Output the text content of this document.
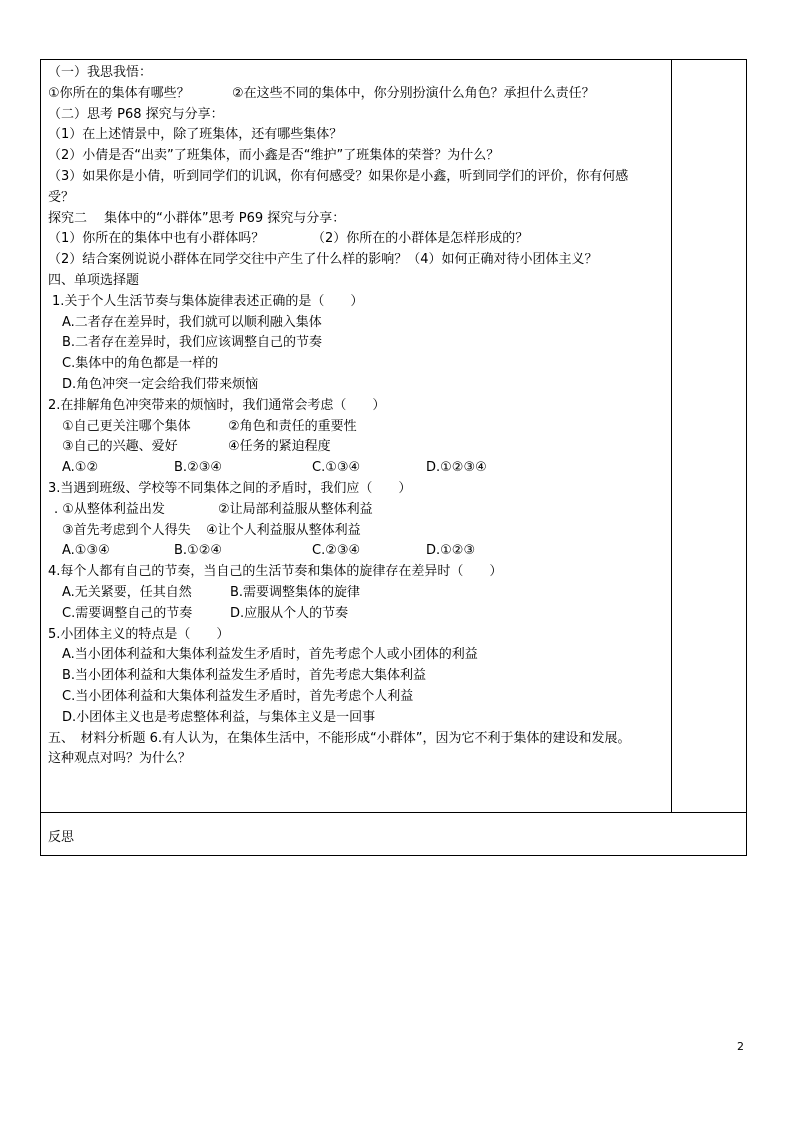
（一）我思我悟：
①你所在的集体有哪些？	②在这些不同的集体中，你分别扮演什么角色？承担什么责任？
（二）思考 P68 探究与分享：
（1）在上述情景中，除了班集体，还有哪些集体？
（2）小倩是否“出卖”了班集体，而小鑫是否“维护”了班集体的荣誉？为什么？
（3）如果你是小倩，听到同学们的讥讽，你有何感受？如果你是小鑫，听到同学们的评价，你有何感
受？
探究二　 集体中的“小群体”思考 P69 探究与分享：
（1）你所在的集体中也有小群体吗？	（2）你所在的小群体是怎样形成的？
（2）结合案例说说小群体在同学交往中产生了什么样的影响？（4）如何正确对待小团体主义？
四、单项选择题
1.关于个人生活节奏与集体旋律表述正确的是（　　）
A.二者存在差异时，我们就可以顺利融入集体
B.二者存在差异时，我们应该调整自己的节奏
C.集体中的角色都是一样的
D.角色冲突一定会给我们带来烦恼
2.在排解角色冲突带来的烦恼时，我们通常会考虑（　　）
①自己更关注哪个集体	②角色和责任的重要性
③自己的兴趣、爱好	④任务的紧迫程度
A.①②	B.②③④	C.①③④	D.①②③④
3.当遇到班级、学校等不同集体之间的矛盾时，我们应（　　）
. ①从整体利益出发	②让局部利益服从整体利益
③首先考虑到个人得失 ④让个人利益服从整体利益
A.①③④	B.①②④	C.②③④	D.①②③
4.每个人都有自己的节奏，当自己的生活节奏和集体的旋律存在差异时（　　）
A.无关紧要，任其自然	B.需要调整集体的旋律
C.需要调整自己的节奏	D.应服从个人的节奏
5.小团体主义的特点是（　　）
A.当小团体利益和大集体利益发生矛盾时，首先考虑个人或小团体的利益
B.当小团体利益和大集体利益发生矛盾时，首先考虑大集体利益
C.当小团体利益和大集体利益发生矛盾时，首先考虑个人利益
D.小团体主义也是考虑整体利益，与集体主义是一回事
五、　材料分析题 6.有人认为，在集体生活中，不能形成“小群体”，因为它不利于集体的建设和发展。
这种观点对吗？为什么？
反思
2
